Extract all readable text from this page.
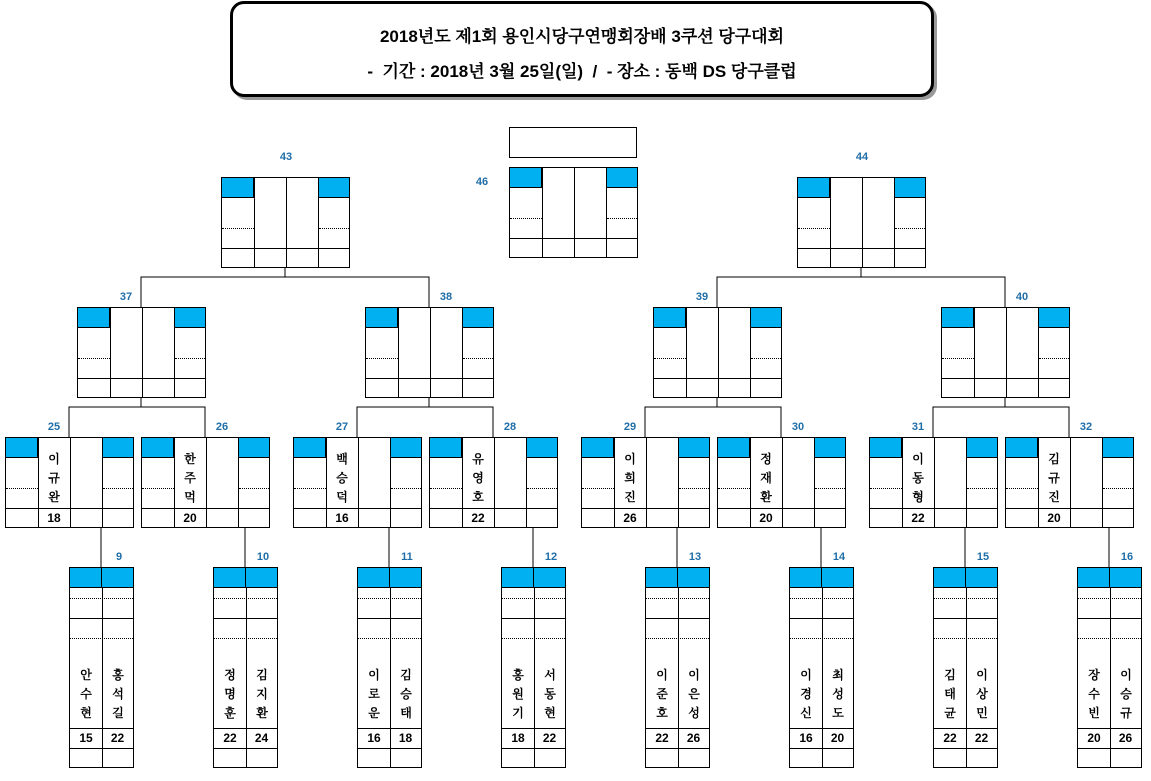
2018년도 제1회 용인시당구연맹회장배 3쿠션 당구대회
-  기간 : 2018년 3월 25일(일)  /  - 장소 : 동백 DS 당구클럽
안
수
현
홍
석
길
15	22
9
정
명
훈
김
지
환
22	24
10
이
로
운
김
승
태
16	18
11
홍
원
기
서
동
현
18	22
12
이
준
호
이
은
성
22	26
13
이
경
신
최
성
도
16	20
14
김
태
균
이
상
민
22	22
15
장
수
빈
이
승
규
20	26
16
이
규
완
18
25
한
주
먹
20
26
백
승
덕
16
27
유
영
호
22
28
이
희
진
26
29
정
재
환
20
30
이
동
형
22
31
김
규
진
20
32
37	38	39	40
43	44
46
